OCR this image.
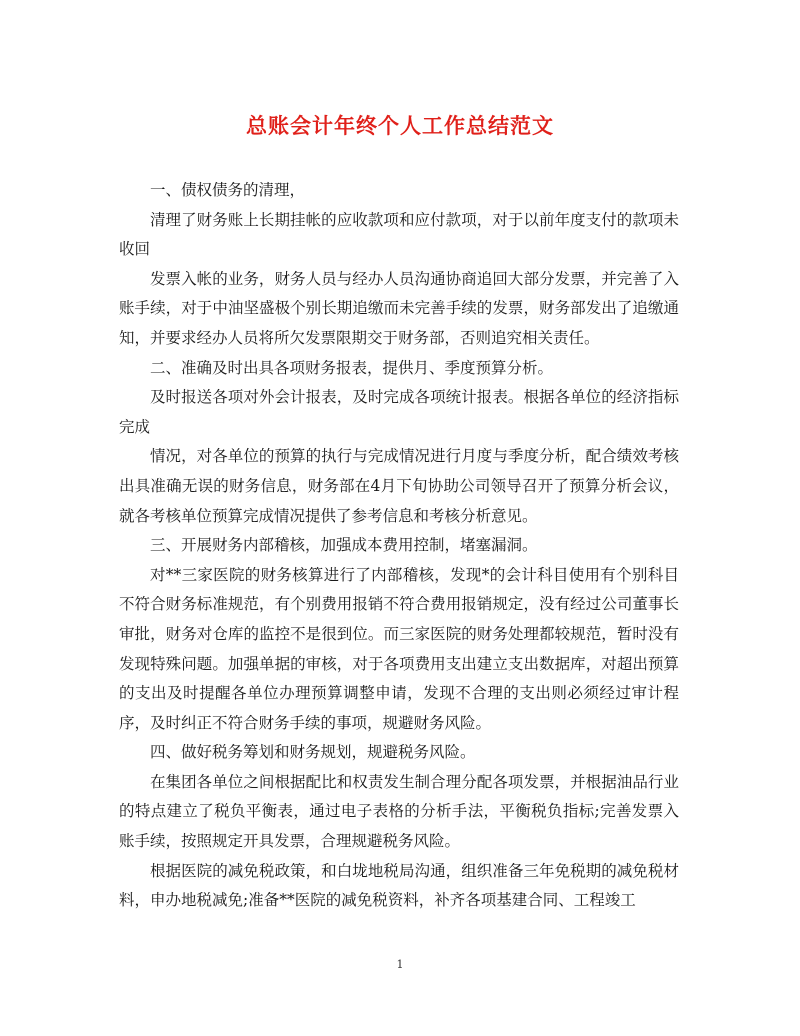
总账会计年终个人工作总结范文

一、债权债务的清理，

清理了财务账上长期挂帐的应收款项和应付款项，对于以前年度支付的款项未收回

发票入帐的业务，财务人员与经办人员沟通协商追回大部分发票，并完善了入账手续，对于中油坚盛极个别长期追缴而未完善手续的发票，财务部发出了追缴通知，并要求经办人员将所欠发票限期交于财务部，否则追究相关责任。

二、准确及时出具各项财务报表，提供月、季度预算分析。

及时报送各项对外会计报表，及时完成各项统计报表。根据各单位的经济指标完成

情况，对各单位的预算的执行与完成情况进行月度与季度分析，配合绩效考核出具准确无误的财务信息，财务部在4月下旬协助公司领导召开了预算分析会议，就各考核单位预算完成情况提供了参考信息和考核分析意见。

三、开展财务内部稽核，加强成本费用控制，堵塞漏洞。

对**三家医院的财务核算进行了内部稽核，发现*的会计科目使用有个别科目不符合财务标准规范，有个别费用报销不符合费用报销规定，没有经过公司董事长审批，财务对仓库的监控不是很到位。而三家医院的财务处理都较规范，暂时没有发现特殊问题。加强单据的审核，对于各项费用支出建立支出数据库，对超出预算的支出及时提醒各单位办理预算调整申请，发现不合理的支出则必须经过审计程序，及时纠正不符合财务手续的事项，规避财务风险。

四、做好税务筹划和财务规划，规避税务风险。

在集团各单位之间根据配比和权责发生制合理分配各项发票，并根据油品行业的特点建立了税负平衡表，通过电子表格的分析手法，平衡税负指标;完善发票入账手续，按照规定开具发票，合理规避税务风险。

根据医院的减免税政策，和白垅地税局沟通，组织准备三年免税期的减免税材料，申办地税减免;准备**医院的减免税资料，补齐各项基建合同、工程竣工

1
